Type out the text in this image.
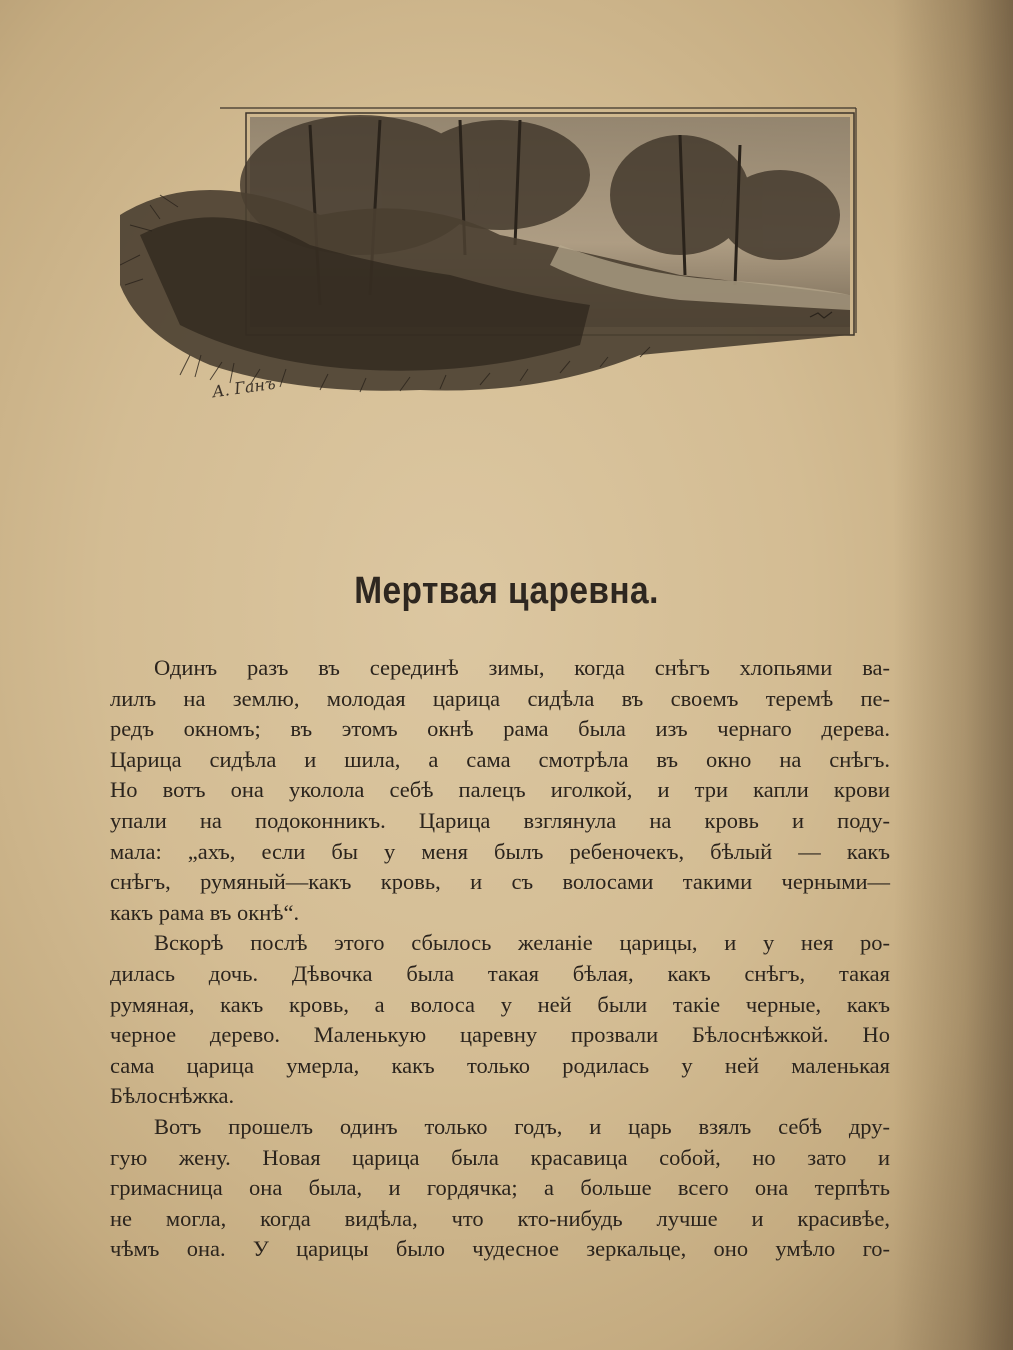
А. Ганъ
Мертвая царевна.
Одинъ разъ въ серединѣ зимы, когда снѣгъ хлопьями ва-
лилъ на землю, молодая царица сидѣла въ своемъ теремѣ пе-
редъ окномъ; въ этомъ окнѣ рама была изъ чернаго дерева.
Царица сидѣла и шила, а сама смотрѣла въ окно на снѣгъ.
Но вотъ она уколола себѣ палецъ иголкой, и три капли крови
упали на подоконникъ. Царица взглянула на кровь и поду-
мала: „ахъ, если бы у меня былъ ребеночекъ, бѣлый — какъ
снѣгъ, румяный—какъ кровь, и съ волосами такими черными—
какъ рама въ окнѣ“.
Вскорѣ послѣ этого сбылось желанiе царицы, и у нея ро-
дилась дочь. Дѣвочка была такая бѣлая, какъ снѣгъ, такая
румяная, какъ кровь, а волоса у ней были такiе черные, какъ
черное дерево. Маленькую царевну прозвали Бѣлоснѣжкой. Но
сама царица умерла, какъ только родилась у ней маленькая
Бѣлоснѣжка.
Вотъ прошелъ одинъ только годъ, и царь взялъ себѣ дру-
гую жену. Новая царица была красавица собой, но зато и
гримасница она была, и гордячка; а больше всего она терпѣть
не могла, когда видѣла, что кто-нибудь лучше и красивѣе,
чѣмъ она. У царицы было чудесное зеркальце, оно умѣло го-
